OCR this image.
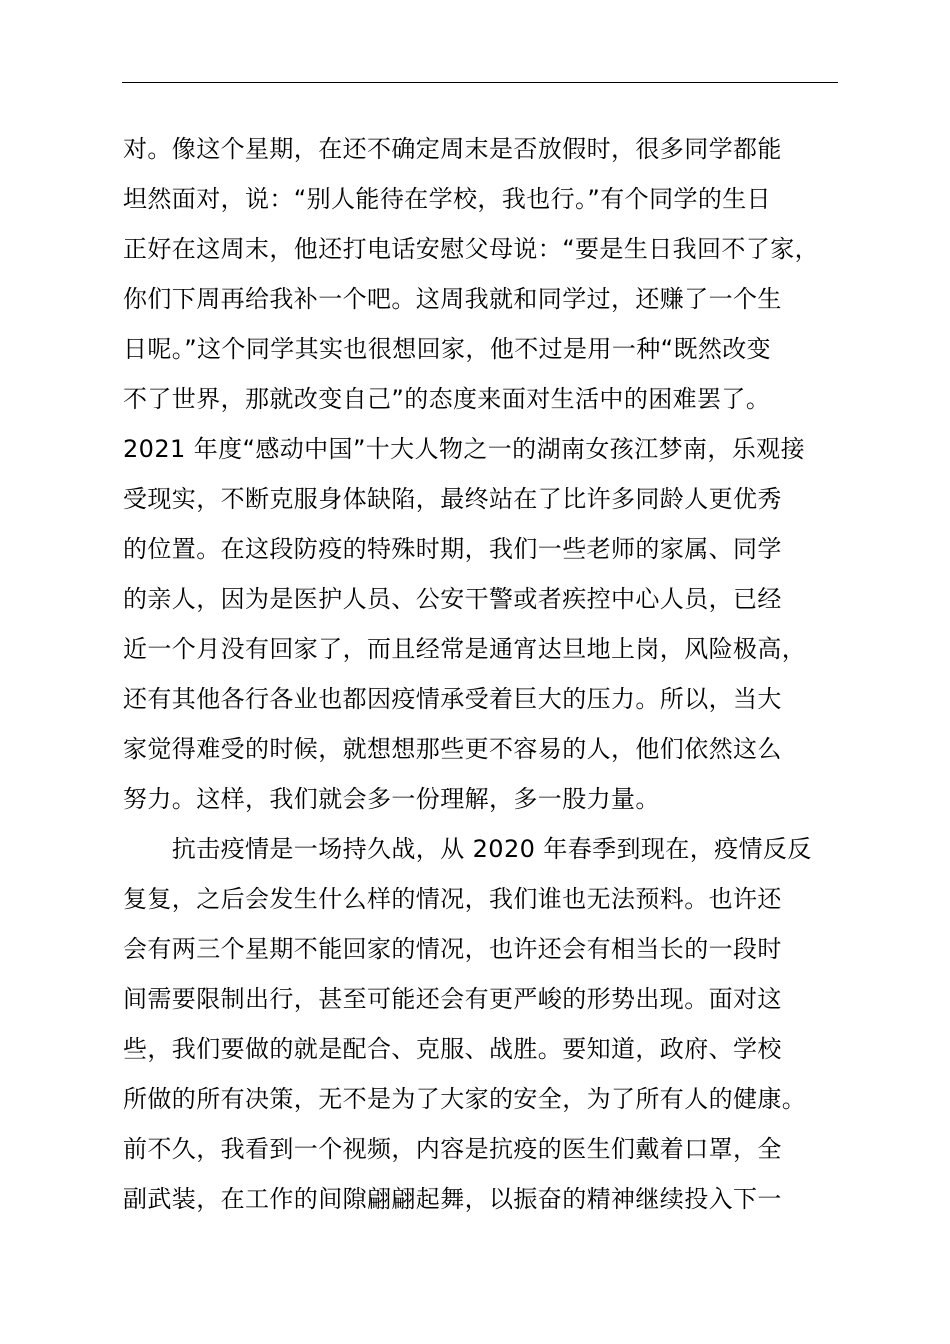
对。像这个星期，在还不确定周末是否放假时，很多同学都能
坦然面对，说：“别人能待在学校，我也行。”有个同学的生日
正好在这周末，他还打电话安慰父母说：“要是生日我回不了家，
你们下周再给我补一个吧。这周我就和同学过，还赚了一个生
日呢。”这个同学其实也很想回家，他不过是用一种“既然改变
不了世界，那就改变自己”的态度来面对生活中的困难罢了。
2021 年度“感动中国”十大人物之一的湖南女孩江梦南，乐观接
受现实，不断克服身体缺陷，最终站在了比许多同龄人更优秀
的位置。在这段防疫的特殊时期，我们一些老师的家属、同学
的亲人，因为是医护人员、公安干警或者疾控中心人员，已经
近一个月没有回家了，而且经常是通宵达旦地上岗，风险极高，
还有其他各行各业也都因疫情承受着巨大的压力。所以，当大
家觉得难受的时候，就想想那些更不容易的人，他们依然这么
努力。这样，我们就会多一份理解，多一股力量。
　　抗击疫情是一场持久战，从 2020 年春季到现在，疫情反反
复复，之后会发生什么样的情况，我们谁也无法预料。也许还
会有两三个星期不能回家的情况，也许还会有相当长的一段时
间需要限制出行，甚至可能还会有更严峻的形势出现。面对这
些，我们要做的就是配合、克服、战胜。要知道，政府、学校
所做的所有决策，无不是为了大家的安全，为了所有人的健康。
前不久，我看到一个视频，内容是抗疫的医生们戴着口罩，全
副武装，在工作的间隙翩翩起舞，以振奋的精神继续投入下一
